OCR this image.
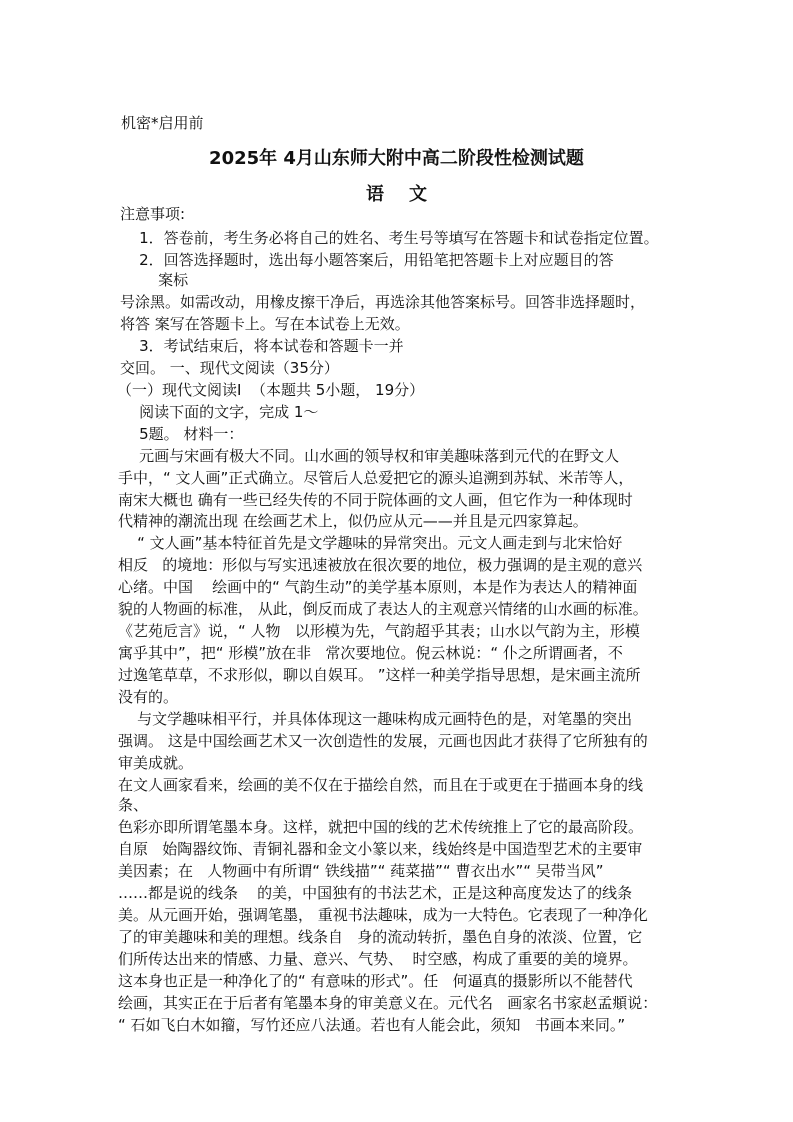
机密*启用前
2025年 4月山东师大附中高二阶段性检测试题
语    文
注意事项:
1．答卷前，考生务必将自己的姓名、考生号等填写在答题卡和试卷指定位置。
2．回答选择题时，选出每小题答案后，用铅笔把答题卡上对应题目的答
案标
号涂黑。如需改动，用橡皮擦干净后，再选涂其他答案标号。回答非选择题时，
将答 案写在答题卡上。写在本试卷上无效。
3．考试结束后，将本试卷和答题卡一并
交回。 一、现代文阅读（35分）
（一）现代文阅读Ⅰ  （本题共 5小题， 19分）
阅读下面的文字，完成 1～
5题。 材料一：
元画与宋画有极大不同。山水画的领导权和审美趣味落到元代的在野文人
手中，“ 文人画”正式确立。尽管后人总爱把它的源头追溯到苏轼、米芾等人，
南宋大概也 确有一些已经失传的不同于院体画的文人画，但它作为一种体现时
代精神的潮流出现 在绘画艺术上，似仍应从元——并且是元四家算起。
“ 文人画”基本特征首先是文学趣味的异常突出。元文人画走到与北宋恰好
相反   的境地：形似与写实迅速被放在很次要的地位，极力强调的是主观的意兴
心绪。中国    绘画中的“ 气韵生动”的美学基本原则，本是作为表达人的精神面
貌的人物画的标准， 从此，倒反而成了表达人的主观意兴情绪的山水画的标准。
《艺苑卮言》说，“ 人物   以形模为先，气韵超乎其表；山水以气韵为主，形模
寓乎其中”，把“ 形模”放在非   常次要地位。倪云林说：“ 仆之所谓画者，不
过逸笔草草，不求形似，聊以自娱耳。 ”这样一种美学指导思想，是宋画主流所
没有的。
与文学趣味相平行，并具体体现这一趣味构成元画特色的是，对笔墨的突出
强调。 这是中国绘画艺术又一次创造性的发展，元画也因此才获得了它所独有的
审美成就。
在文人画家看来，绘画的美不仅在于描绘自然，而且在于或更在于描画本身的线
条、
色彩亦即所谓笔墨本身。这样，就把中国的线的艺术传统推上了它的最高阶段。
自原   始陶器纹饰、青铜礼器和金文小篆以来，线始终是中国造型艺术的主要审
美因素；在   人物画中有所谓“ 铁线描”“ 莼菜描”“ 曹衣出水”“ 吴带当风”
……都是说的线条    的美，中国独有的书法艺术，正是这种高度发达了的线条
美。从元画开始，强调笔墨， 重视书法趣味，成为一大特色。它表现了一种净化
了的审美趣味和美的理想。线条自   身的流动转折，墨色自身的浓淡、位置，它
们所传达出来的情感、力量、意兴、气势、  时空感，构成了重要的美的境界。
这本身也正是一种净化了的“ 有意味的形式”。任   何逼真的摄影所以不能替代
绘画，其实正在于后者有笔墨本身的审美意义在。元代名   画家名书家赵孟頫说：
“ 石如飞白木如籀，写竹还应八法通。若也有人能会此，须知   书画本来同。”
